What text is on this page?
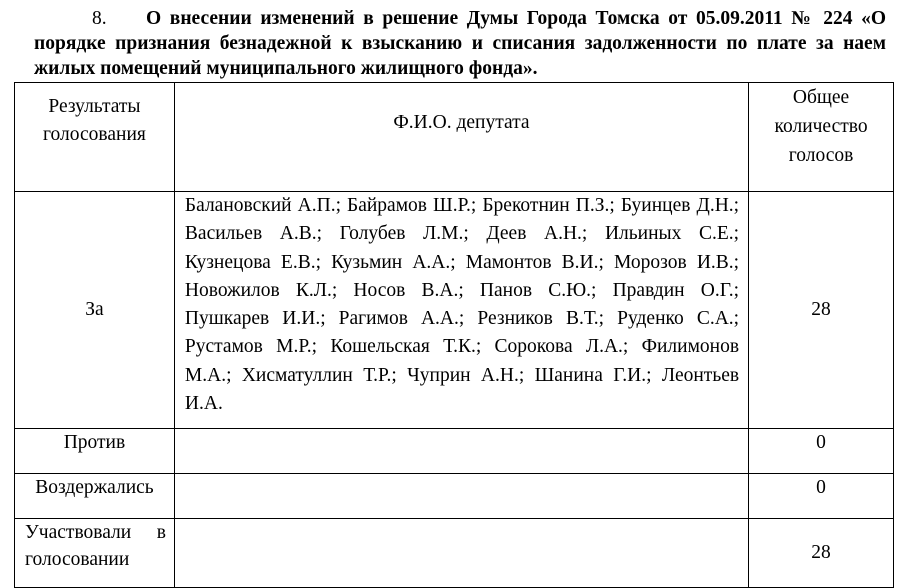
8. О внесении изменений в решение Думы Города Томска от 05.09.2011 № 224 «О порядке признания безнадежной к взысканию и списания задолженности по плате за наем жилых помещений муниципального жилищного фонда».
Результаты голосования	Ф.И.О. депутата	Общее количество голосов

За	Балановский А.П.; Байрамов Ш.Р.; Брекотнин П.З.; Буинцев Д.Н.; Васильев А.В.; Голубев Л.М.; Деев А.Н.; Ильиных С.Е.; Кузнецова Е.В.; Кузьмин А.А.; Мамонтов В.И.; Морозов И.В.; Новожилов К.Л.; Носов В.А.; Панов С.Ю.; Правдин О.Г.; Пушкарев И.И.; Рагимов А.А.; Резников В.Т.; Руденко С.А.; Рустамов М.Р.; Кошельская Т.К.; Сорокова Л.А.; Филимонов М.А.; Хисматуллин Т.Р.; Чуприн А.Н.; Шанина Г.И.; Леонтьев И.А.	28
Против		0
Воздержались		0
Участвовали в голосовании		28
